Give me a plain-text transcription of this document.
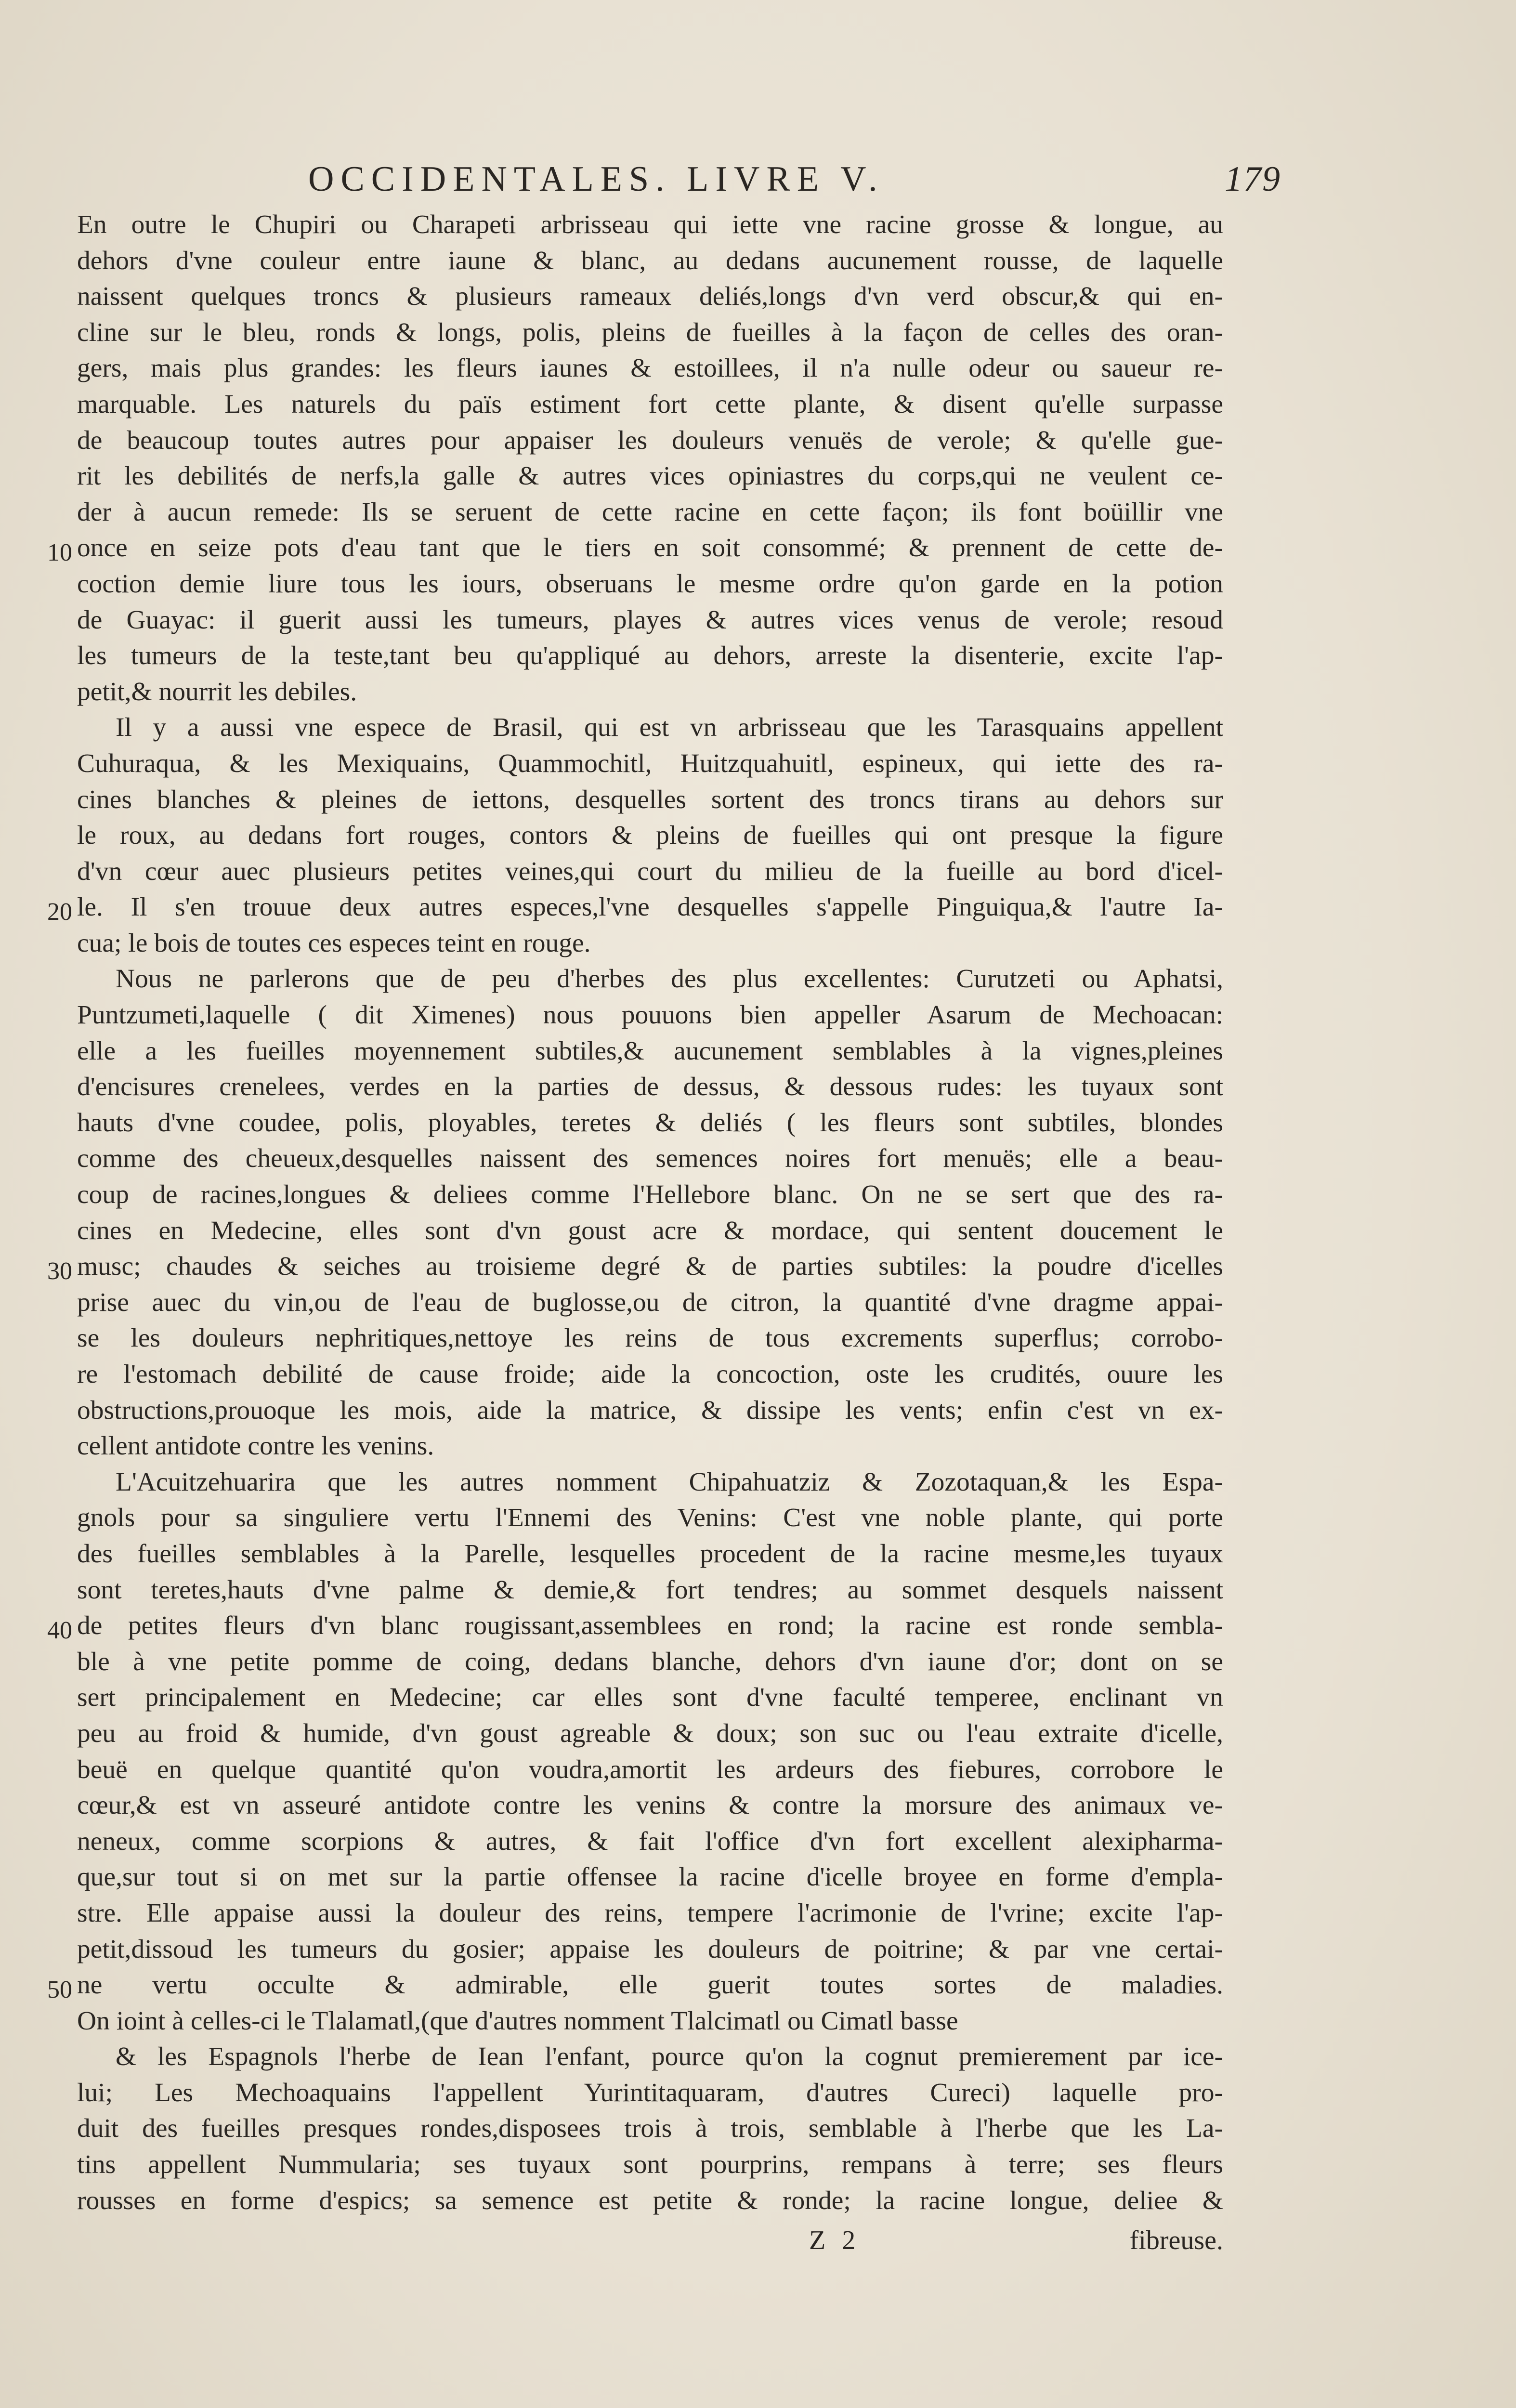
OCCIDENTALES. LIVRE V.	179
10
20
30
40
50
En outre le Chupiri ou Charapeti arbrisseau qui iette vne racine grosse & longue, au
dehors d'vne couleur entre iaune & blanc, au dedans aucunement rousse, de laquelle
naissent quelques troncs & plusieurs rameaux deliés,longs d'vn verd obscur,& qui en-
cline sur le bleu, ronds & longs, polis, pleins de fueilles à la façon de celles des oran-
gers, mais plus grandes: les fleurs iaunes & estoillees, il n'a nulle odeur ou saueur re-
marquable. Les naturels du païs estiment fort cette plante, & disent qu'elle surpasse
de beaucoup toutes autres pour appaiser les douleurs venuës de verole; & qu'elle gue-
rit les debilités de nerfs,la galle & autres vices opiniastres du corps,qui ne veulent ce-
der à aucun remede: Ils se seruent de cette racine en cette façon; ils font boüillir vne
once en seize pots d'eau tant que le tiers en soit consommé; & prennent de cette de-
coction demie liure tous les iours, obseruans le mesme ordre qu'on garde en la potion
de Guayac: il guerit aussi les tumeurs, playes & autres vices venus de verole; resoud
les tumeurs de la teste,tant beu qu'appliqué au dehors, arreste la disenterie, excite l'ap-
petit,& nourrit les debiles.
Il y a aussi vne espece de Brasil, qui est vn arbrisseau que les Tarasquains appellent
Cuhuraqua, & les Mexiquains, Quammochitl, Huitzquahuitl, espineux, qui iette des ra-
cines blanches & pleines de iettons, desquelles sortent des troncs tirans au dehors sur
le roux, au dedans fort rouges, contors & pleins de fueilles qui ont presque la figure
d'vn cœur auec plusieurs petites veines,qui court du milieu de la fueille au bord d'icel-
le. Il s'en trouue deux autres especes,l'vne desquelles s'appelle Pinguiqua,& l'autre Ia-
cua; le bois de toutes ces especes teint en rouge.
Nous ne parlerons que de peu d'herbes des plus excellentes: Curutzeti ou Aphatsi,
Puntzumeti,laquelle ( dit Ximenes) nous pouuons bien appeller Asarum de Mechoacan:
elle a les fueilles moyennement subtiles,& aucunement semblables à la vignes,pleines
d'encisures crenelees, verdes en la parties de dessus, & dessous rudes: les tuyaux sont
hauts d'vne coudee, polis, ployables, teretes & deliés ( les fleurs sont subtiles, blondes
comme des cheueux,desquelles naissent des semences noires fort menuës; elle a beau-
coup de racines,longues & deliees comme l'Hellebore blanc. On ne se sert que des ra-
cines en Medecine, elles sont d'vn goust acre & mordace, qui sentent doucement le
musc; chaudes & seiches au troisieme degré & de parties subtiles: la poudre d'icelles
prise auec du vin,ou de l'eau de buglosse,ou de citron, la quantité d'vne dragme appai-
se les douleurs nephritiques,nettoye les reins de tous excrements superflus; corrobo-
re l'estomach debilité de cause froide; aide la concoction, oste les crudités, ouure les
obstructions,prouoque les mois, aide la matrice, & dissipe les vents; enfin c'est vn ex-
cellent antidote contre les venins.
L'Acuitzehuarira que les autres nomment Chipahuatziz & Zozotaquan,& les Espa-
gnols pour sa singuliere vertu l'Ennemi des Venins: C'est vne noble plante, qui porte
des fueilles semblables à la Parelle, lesquelles procedent de la racine mesme,les tuyaux
sont teretes,hauts d'vne palme & demie,& fort tendres; au sommet desquels naissent
de petites fleurs d'vn blanc rougissant,assemblees en rond; la racine est ronde sembla-
ble à vne petite pomme de coing, dedans blanche, dehors d'vn iaune d'or; dont on se
sert principalement en Medecine; car elles sont d'vne faculté temperee, enclinant vn
peu au froid & humide, d'vn goust agreable & doux; son suc ou l'eau extraite d'icelle,
beuë en quelque quantité qu'on voudra,amortit les ardeurs des fiebures, corrobore le
cœur,& est vn asseuré antidote contre les venins & contre la morsure des animaux ve-
neneux, comme scorpions & autres, & fait l'office d'vn fort excellent alexipharma-
que,sur tout si on met sur la partie offensee la racine d'icelle broyee en forme d'empla-
stre. Elle appaise aussi la douleur des reins, tempere l'acrimonie de l'vrine; excite l'ap-
petit,dissoud les tumeurs du gosier; appaise les douleurs de poitrine; & par vne certai-
ne vertu occulte & admirable, elle guerit toutes sortes de maladies.
On ioint à celles-ci le Tlalamatl,(que d'autres nomment Tlalcimatl ou Cimatl basse
& les Espagnols l'herbe de Iean l'enfant, pource qu'on la cognut premierement par ice-
lui; Les Mechoaquains l'appellent Yurintitaquaram, d'autres Cureci) laquelle pro-
duit des fueilles presques rondes,disposees trois à trois, semblable à l'herbe que les La-
tins appellent Nummularia; ses tuyaux sont pourprins, rempans à terre; ses fleurs
rousses en forme d'espics; sa semence est petite & ronde; la racine longue, deliee &
Z 2	fibreuse.
